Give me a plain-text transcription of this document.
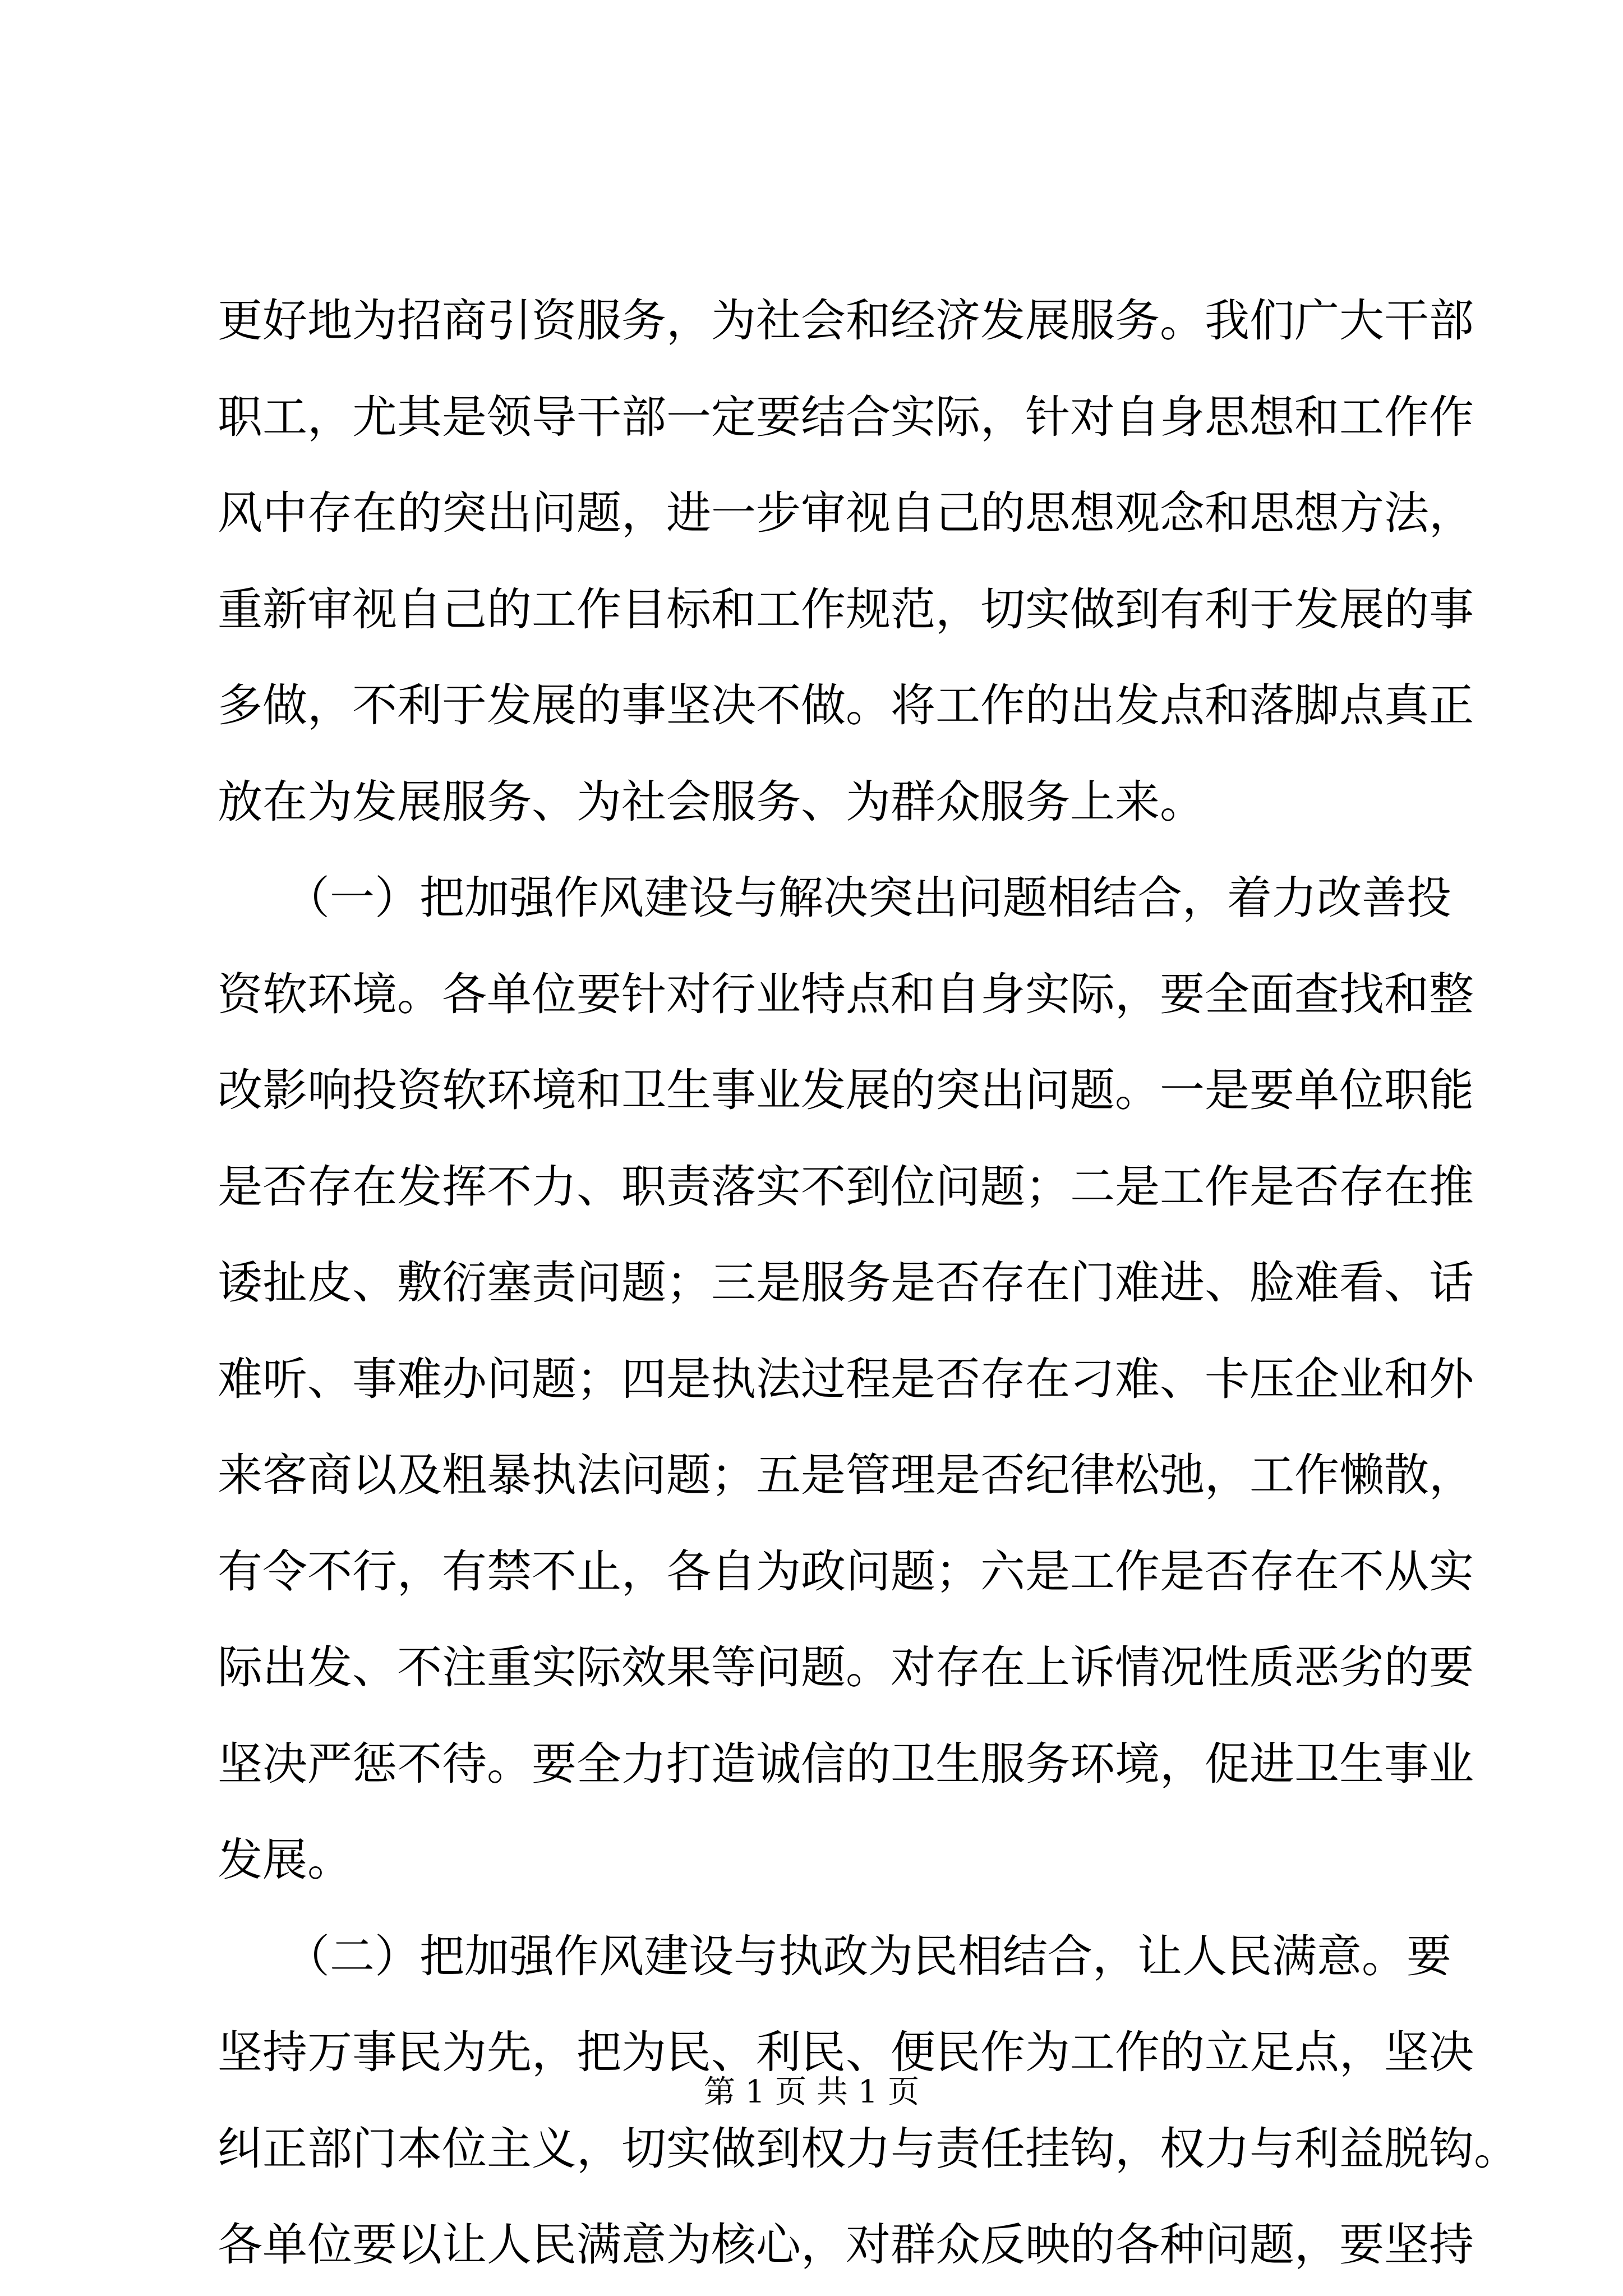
更好地为招商引资服务，为社会和经济发展服务。我们广大干部
职工，尤其是领导干部一定要结合实际，针对自身思想和工作作
风中存在的突出问题，进一步审视自己的思想观念和思想方法，
重新审视自己的工作目标和工作规范，切实做到有利于发展的事
多做，不利于发展的事坚决不做。将工作的出发点和落脚点真正
放在为发展服务、为社会服务、为群众服务上来。
　　（一）把加强作风建设与解决突出问题相结合，着力改善投
资软环境。各单位要针对行业特点和自身实际，要全面查找和整
改影响投资软环境和卫生事业发展的突出问题。一是要单位职能
是否存在发挥不力、职责落实不到位问题；二是工作是否存在推
诿扯皮、敷衍塞责问题；三是服务是否存在门难进、脸难看、话
难听、事难办问题；四是执法过程是否存在刁难、卡压企业和外
来客商以及粗暴执法问题；五是管理是否纪律松弛，工作懒散，
有令不行，有禁不止，各自为政问题；六是工作是否存在不从实
际出发、不注重实际效果等问题。对存在上诉情况性质恶劣的要
坚决严惩不待。要全力打造诚信的卫生服务环境，促进卫生事业
发展。
　　（二）把加强作风建设与执政为民相结合，让人民满意。要
坚持万事民为先，把为民、利民、便民作为工作的立足点，坚决
纠正部门本位主义，切实做到权力与责任挂钩，权力与利益脱钩。
各单位要以让人民满意为核心，对群众反映的各种问题，要坚持
第 1 页 共 1 页
